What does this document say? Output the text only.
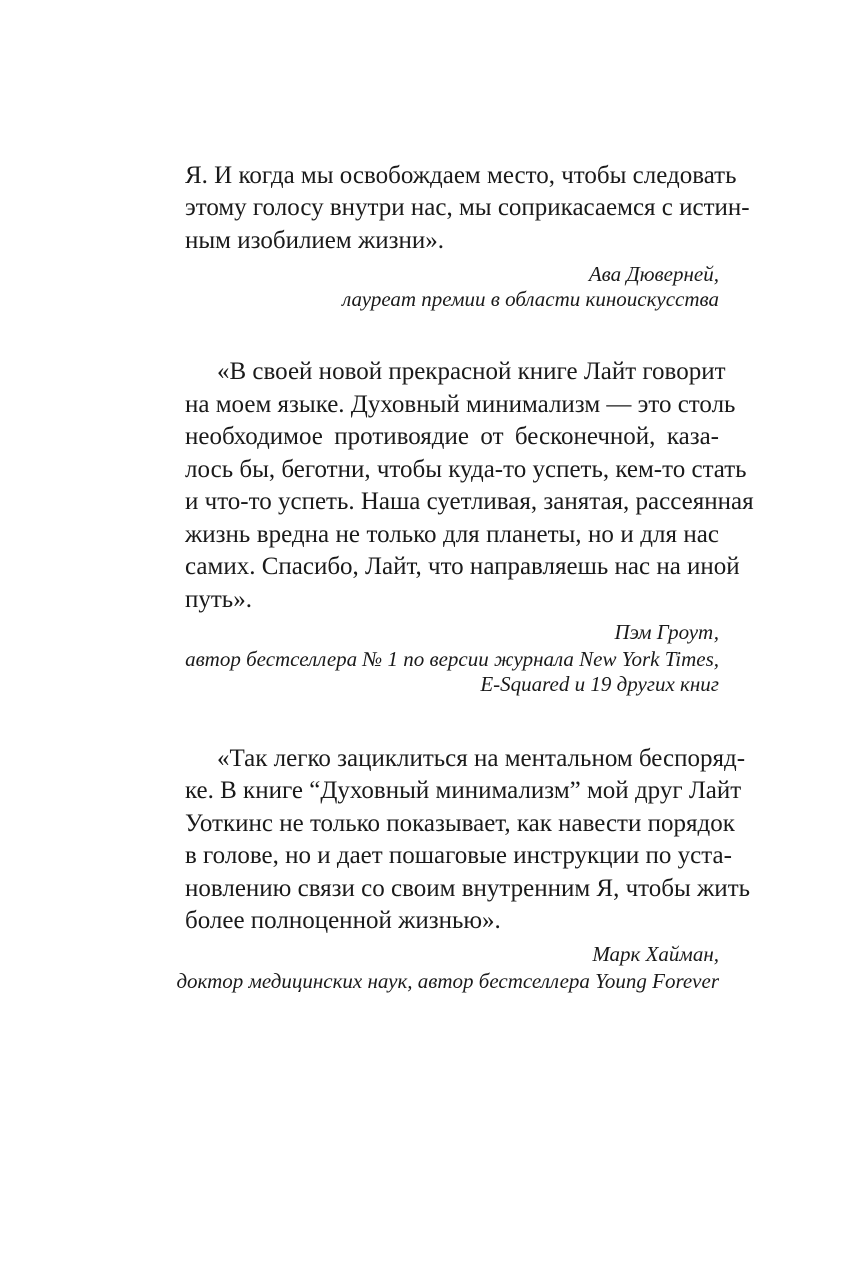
Я. И когда мы освобождаем место, чтобы следовать
этому голосу внутри нас, мы соприкасаемся с истин-
ным изобилием жизни».
Ава Дюверней,
лауреат премии в области киноискусства
«В своей новой прекрасной книге Лайт говорит
на моем языке. Духовный минимализм — это столь
необходимое противоядие от бесконечной, каза-
лось бы, беготни, чтобы куда-то успеть, кем-то стать
и что-то успеть. Наша суетливая, занятая, рассеянная
жизнь вредна не только для планеты, но и для нас
самих. Спасибо, Лайт, что направляешь нас на иной
путь».
Пэм Гроут,
автор бестселлера № 1 по версии журнала New York Times,
E-Squared и 19 других книг
«Так легко зациклиться на ментальном беспоряд-
ке. В книге “Духовный минимализм” мой друг Лайт
Уоткинс не только показывает, как навести порядок
в голове, но и дает пошаговые инструкции по уста-
новлению связи со своим внутренним Я, чтобы жить
более полноценной жизнью».
Марк Хайман,
доктор медицинских наук, автор бестселлера Young Forever
